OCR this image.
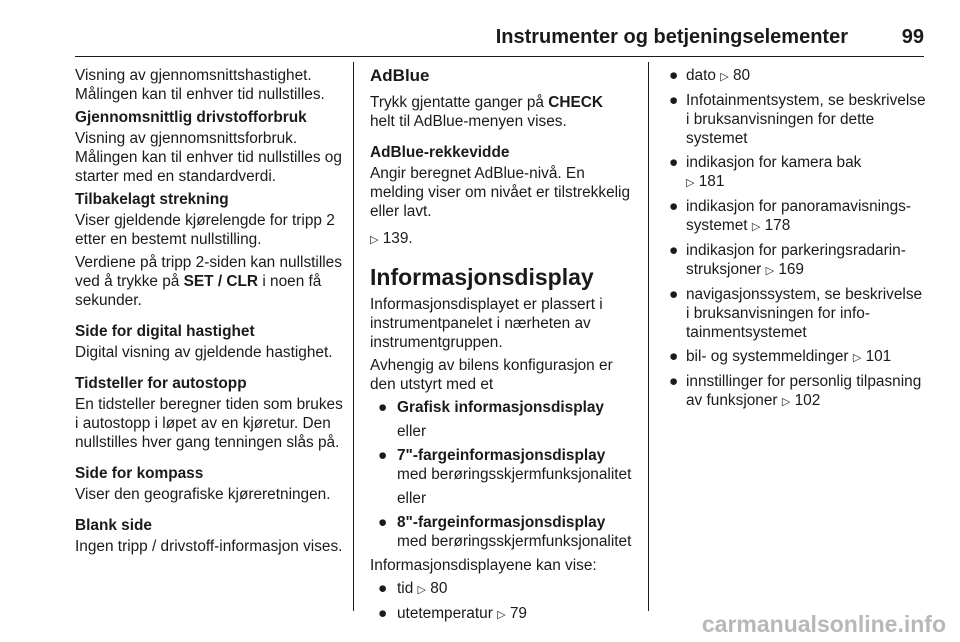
Instrumenter og betjeningselementer	99

Visning av gjennomsnittshastighet. Målingen kan til enhver tid nullstilles.

Gjennomsnittlig drivstofforbruk

Visning av gjennomsnittsforbruk. Målingen kan til enhver tid nullstilles og starter med en standardverdi.

Tilbakelagt strekning

Viser gjeldende kjørelengde for tripp 2 etter en bestemt nullstilling.

Verdiene på tripp 2-siden kan nullstilles ved å trykke på SET / CLR i noen få sekunder.

Side for digital hastighet

Digital visning av gjeldende hastighet.

Tidsteller for autostopp

En tidsteller beregner tiden som brukes i autostopp i løpet av en kjøretur. Den nullstilles hver gang tenningen slås på.

Side for kompass

Viser den geografiske kjøreretningen.

Blank side

Ingen tripp / drivstoff-informasjon vises.

AdBlue

Trykk gjentatte ganger på CHECK helt til AdBlue-menyen vises.

AdBlue-rekkevidde

Angir beregnet AdBlue-nivå. En melding viser om nivået er tilstrekkelig eller lavt.

▷ 139.

Informasjonsdisplay

Informasjonsdisplayet er plassert i instrumentpanelet i nærheten av instrumentgruppen.

Avhengig av bilens konfigurasjon er den utstyrt med et

● Grafisk informasjonsdisplay

eller

● 7"-fargeinformasjonsdisplay med berøringsskjermfunksjonalitet

eller

● 8"-fargeinformasjonsdisplay med berøringsskjermfunksjonalitet

Informasjonsdisplayene kan vise:

● tid ▷ 80
● utetemperatur ▷ 79
● dato ▷ 80
● Infotainmentsystem, se beskrivelse i bruksanvisningen for dette systemet
● indikasjon for kamera bak
▷ 181
● indikasjon for panoramavisningssystemet ▷ 178
● indikasjon for parkeringsradarinstruksjoner ▷ 169
● navigasjonssystem, se beskrivelse i bruksanvisningen for infotainmentsystemet
● bil- og systemmeldinger ▷ 101
● innstillinger for personlig tilpasning av funksjoner ▷ 102
carmanualsonline.info
